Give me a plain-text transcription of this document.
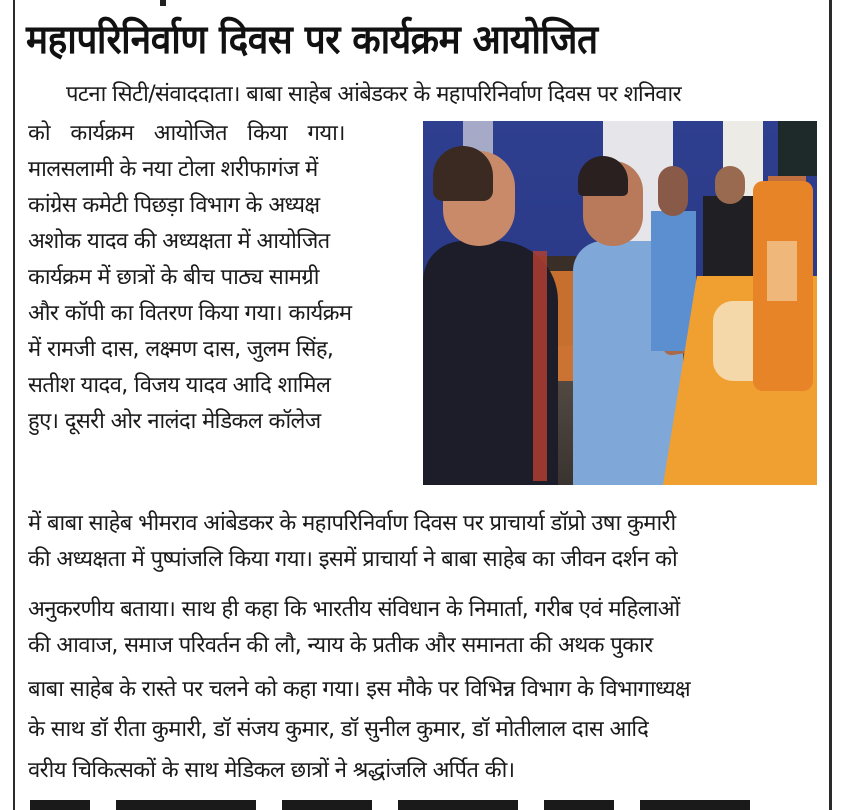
महापरिनिर्वाण दिवस पर कार्यक्रम आयोजित
पटना सिटी/संवाददाता। बाबा साहेब आंबेडकर के महापरिनिर्वाण दिवस पर शनिवार
को कार्यक्रम आयोजित किया गया।
मालसलामी के नया टोला शरीफागंज में
कांग्रेस कमेटी पिछड़ा विभाग के अध्यक्ष
अशोक यादव की अध्यक्षता में आयोजित
कार्यक्रम में छात्रों के बीच पाठ्य सामग्री
और कॉपी का वितरण किया गया। कार्यक्रम
में रामजी दास, लक्ष्मण दास, जुलम सिंह,
सतीश यादव, विजय यादव आदि शामिल
हुए। दूसरी ओर नालंदा मेडिकल कॉलेज
में बाबा साहेब भीमराव आंबेडकर के महापरिनिर्वाण दिवस पर प्राचार्या डॉप्रो उषा कुमारी
की अध्यक्षता में पुष्पांजलि किया गया। इसमें प्राचार्या ने बाबा साहेब का जीवन दर्शन को
अनुकरणीय बताया। साथ ही कहा कि भारतीय संविधान के निमार्ता, गरीब एवं महिलाओं
की आवाज, समाज परिवर्तन की लौ, न्याय के प्रतीक और समानता की अथक पुकार
बाबा साहेब के रास्ते पर चलने को कहा गया। इस मौके पर विभिन्न विभाग के विभागाध्यक्ष
के साथ डॉ रीता कुमारी, डॉ संजय कुमार, डॉ सुनील कुमार, डॉ मोतीलाल दास आदि
वरीय चिकित्सकों के साथ मेडिकल छात्रों ने श्रद्धांजलि अर्पित की।
